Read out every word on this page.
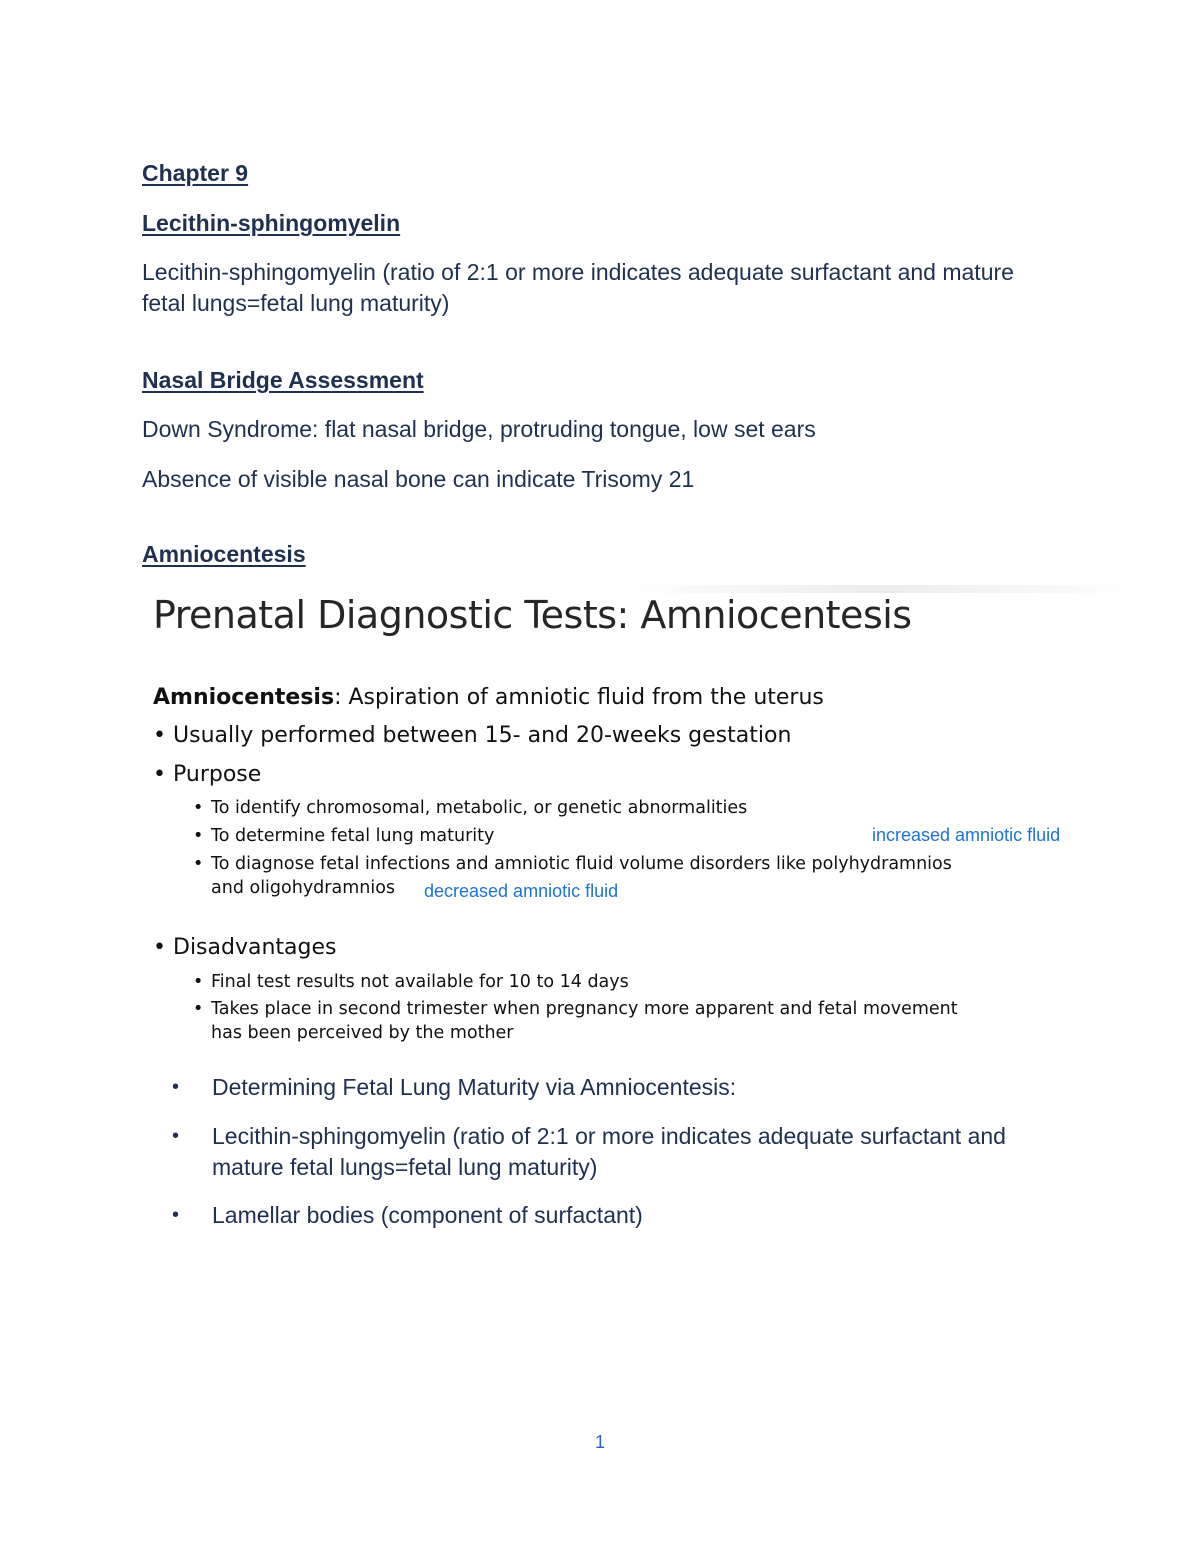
Chapter 9
Lecithin-sphingomyelin
Lecithin-sphingomyelin (ratio of 2:1 or more indicates adequate surfactant and mature fetal lungs=fetal lung maturity)
Nasal Bridge Assessment
Down Syndrome: flat nasal bridge, protruding tongue, low set ears
Absence of visible nasal bone can indicate Trisomy 21
Amniocentesis
Prenatal Diagnostic Tests: Amniocentesis
Amniocentesis: Aspiration of amniotic fluid from the uterus
• Usually performed between 15- and 20-weeks gestation
• Purpose
• To identify chromosomal, metabolic, or genetic abnormalities
• To determine fetal lung maturity
• To diagnose fetal infections and amniotic fluid volume disorders like polyhydramnios
and oligohydramnios
• Disadvantages
• Final test results not available for 10 to 14 days
• Takes place in second trimester when pregnancy more apparent and fetal movement
has been perceived by the mother
increased amniotic fluid
decreased amniotic fluid
• Determining Fetal Lung Maturity via Amniocentesis:
• Lecithin-sphingomyelin (ratio of 2:1 or more indicates adequate surfactant and mature fetal lungs=fetal lung maturity)
• Lamellar bodies (component of surfactant)
1
